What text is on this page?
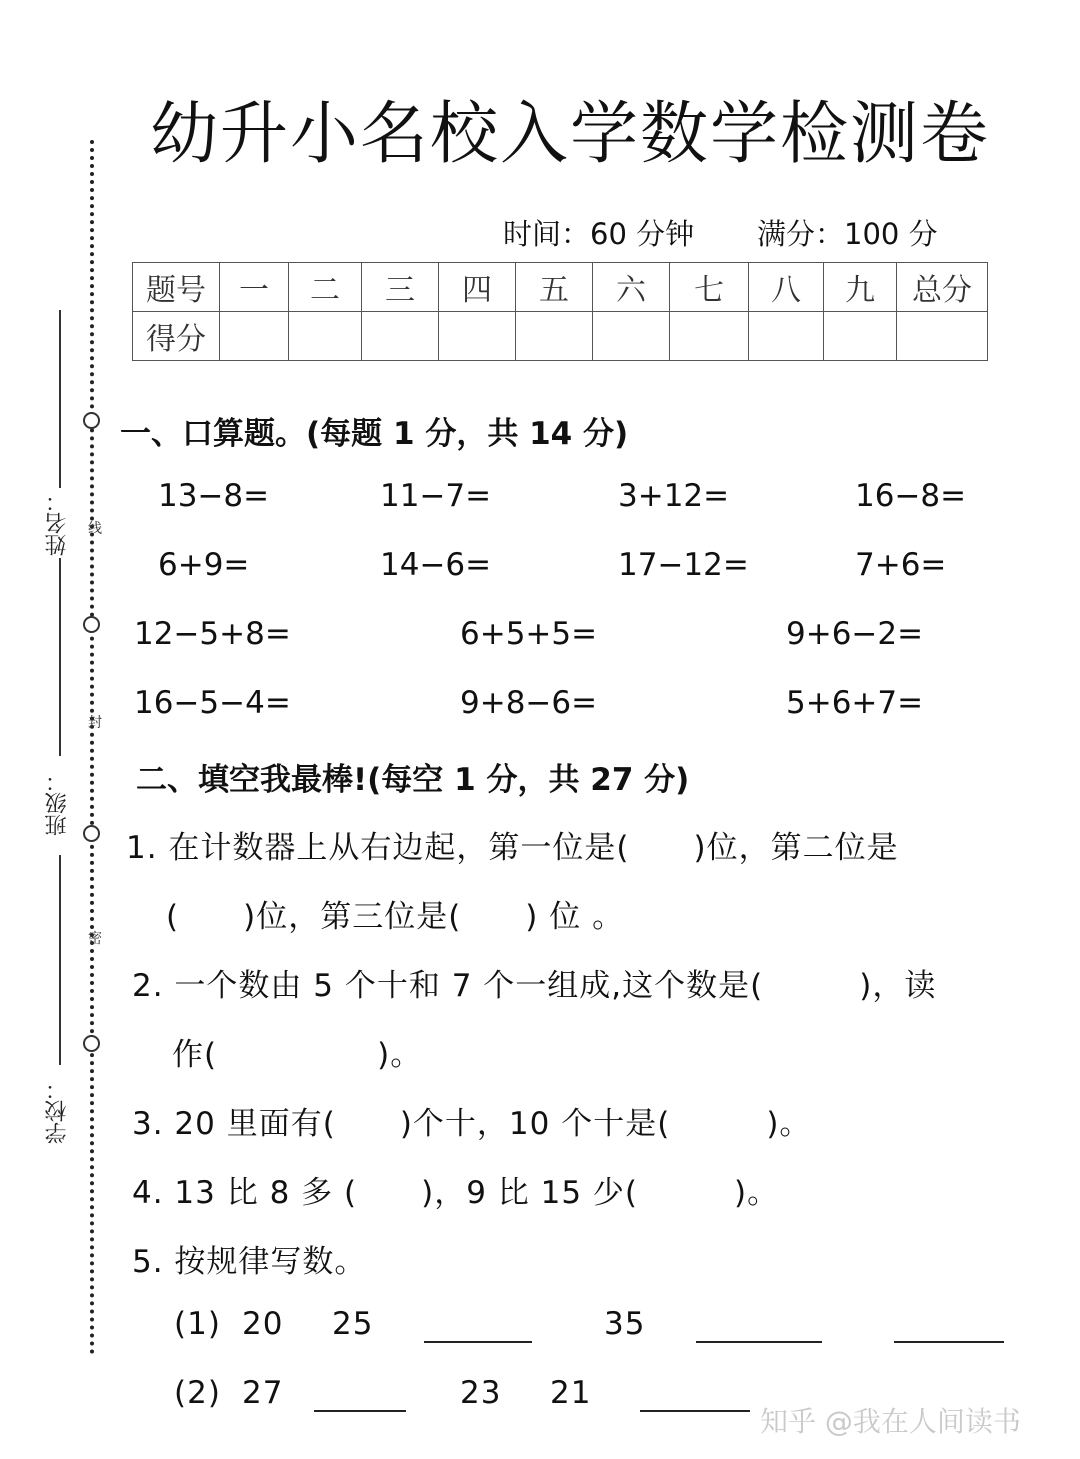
姓名：
班级：
学校：
线
封
密
幼升小名校入学数学检测卷
时间：60 分钟 满分：100 分
题号	一	二	三	四	五	六	七	八	九	总分
得分										
一、口算题。(每题 1 分，共 14 分)
13−8=	11−7=	3+12=	16−8=
6+9=	14−6=	17−12=	7+6=
12−5+8=	6+5+5=	9+6−2=
16−5−4=	9+8−6=	5+6+7=
二、填空我最棒!(每空 1 分，共 27 分)
1. 在计数器上从右边起，第一位是(　　)位，第二位是
(　　)位，第三位是(　　) 位 。
2. 一个数由 5 个十和 7 个一组成,这个数是(　　　)，读
作(　　　　　)。
3. 20 里面有(　　)个十，10 个十是(　　　)。
4. 13 比 8 多 (　　)，9 比 15 少(　　　)。
5. 按规律写数。
(1) 20 25	35
(2) 27	23 21
知乎 @我在人间读书
